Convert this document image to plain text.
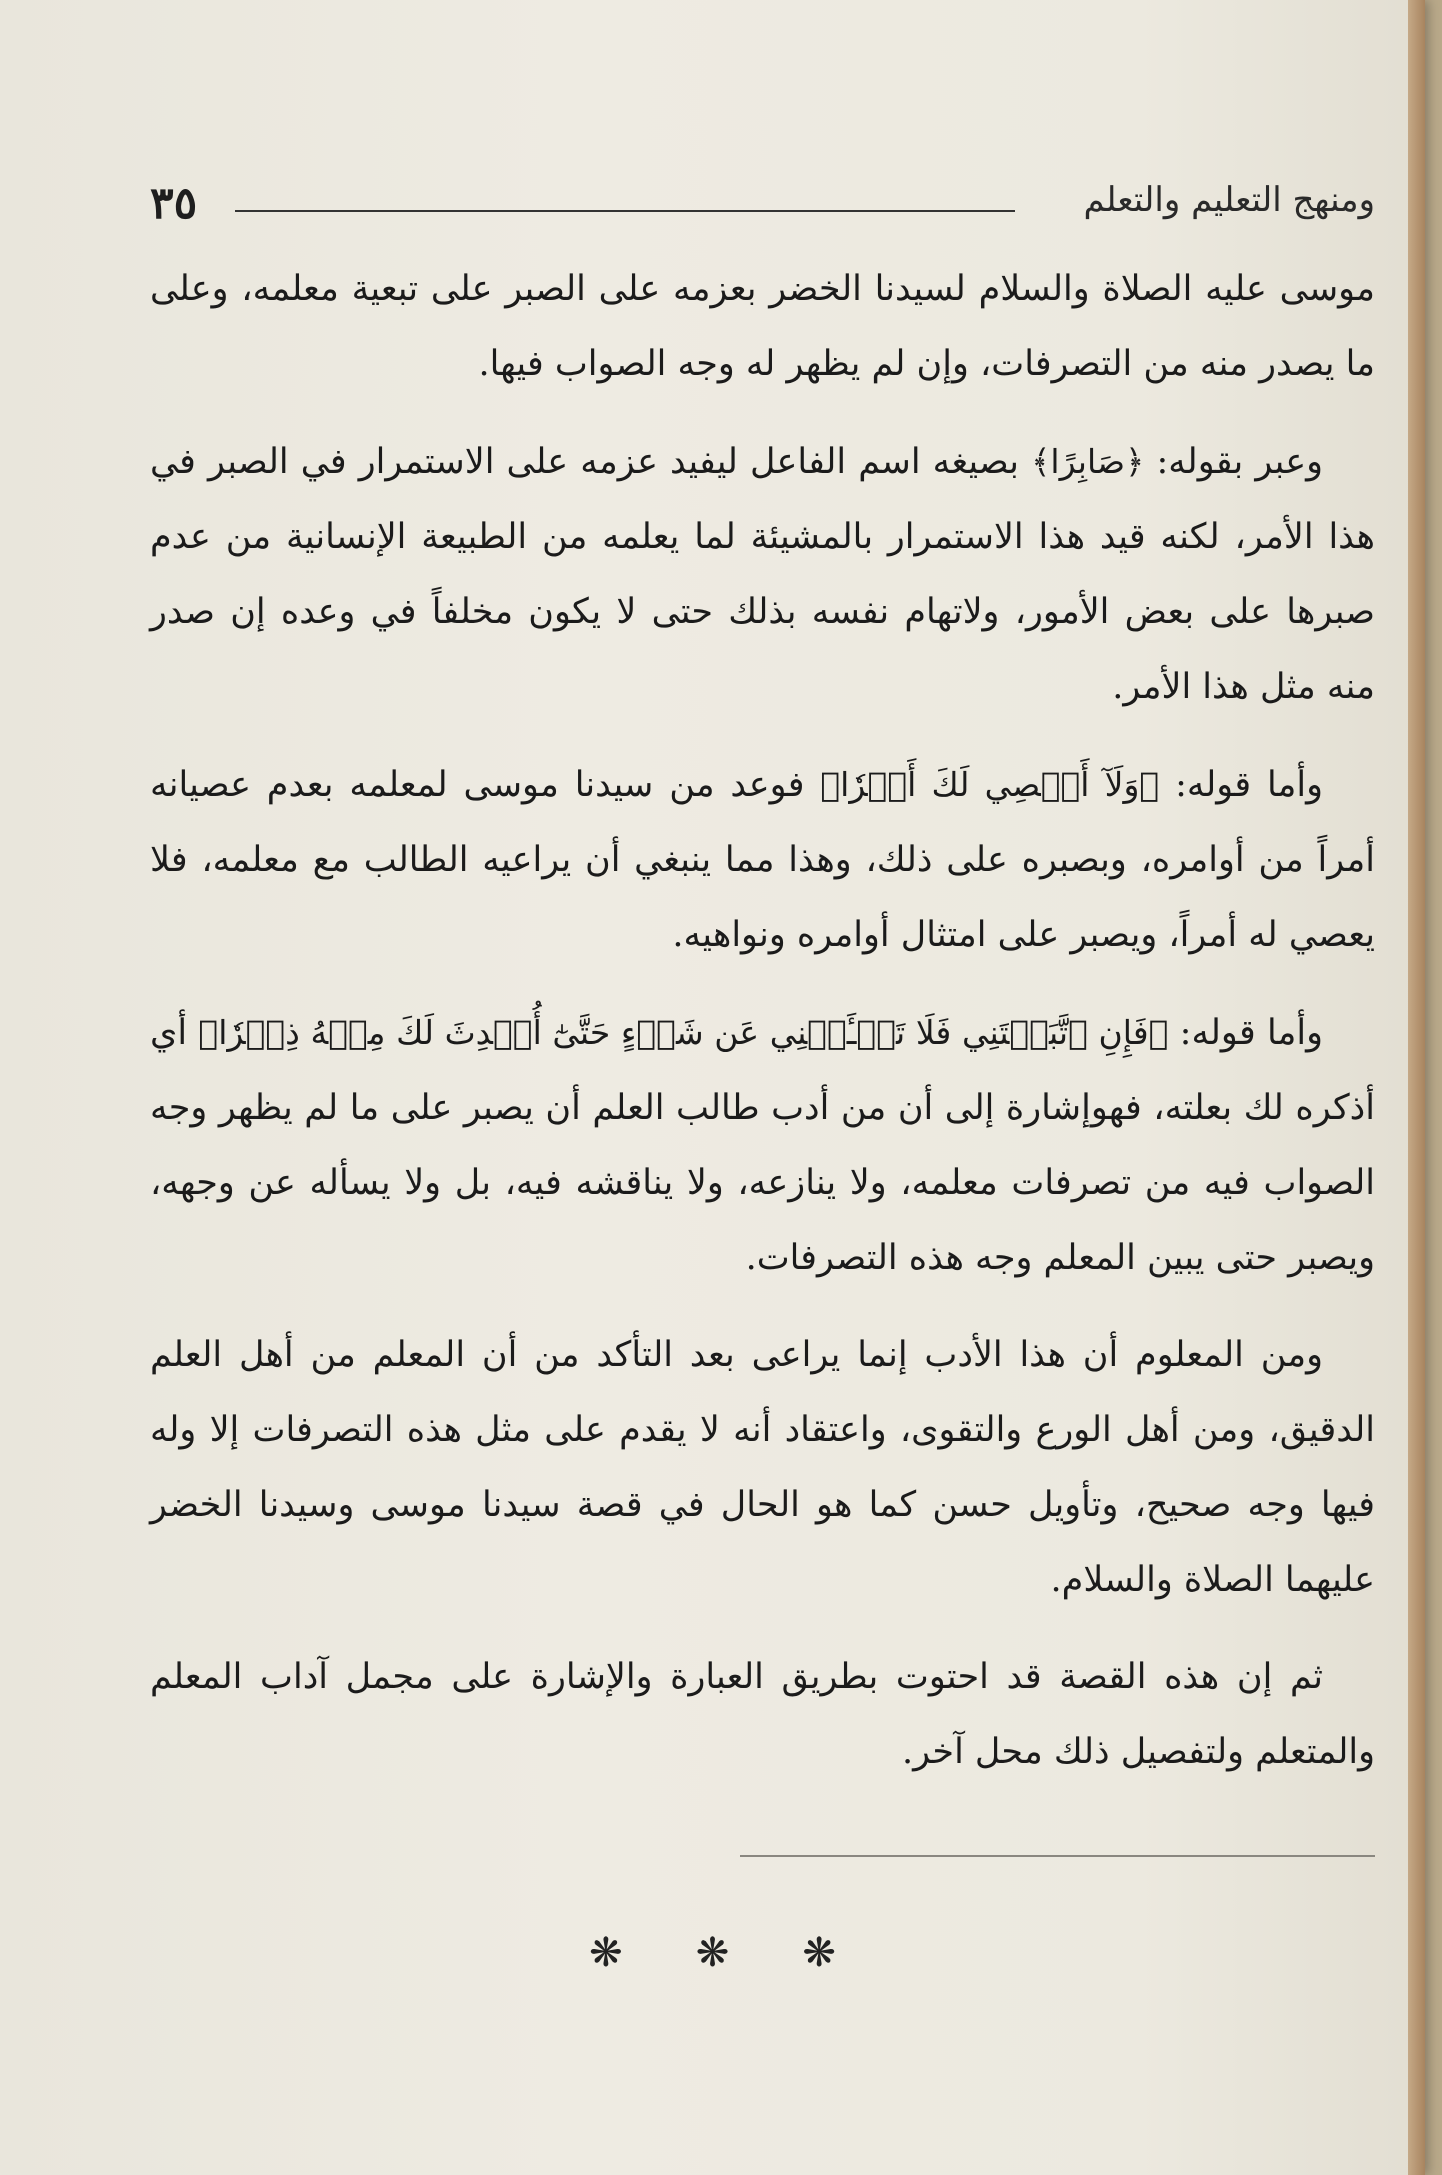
٣٥	ومنهج التعليم والتعلم

موسى عليه الصلاة والسلام لسيدنا الخضر بعزمه على الصبر على تبعية معلمه، وعلى ما يصدر منه من التصرفات، وإن لم يظهر له وجه الصواب فيها.

وعبر بقوله: ﴿صَابِرًا﴾ بصيغه اسم الفاعل ليفيد عزمه على الاستمرار في الصبر في هذا الأمر، لكنه قيد هذا الاستمرار بالمشيئة لما يعلمه من الطبيعة الإنسانية من عدم صبرها على بعض الأمور، ولاتهام نفسه بذلك حتى لا يكون مخلفاً في وعده إن صدر منه مثل هذا الأمر.

وأما قوله: ﴿وَلَآ أَعۡصِي لَكَ أَمۡرٗا﴾ فوعد من سيدنا موسى لمعلمه بعدم عصيانه أمراً من أوامره، وبصبره على ذلك، وهذا مما ينبغي أن يراعيه الطالب مع معلمه، فلا يعصي له أمراً، ويصبر على امتثال أوامره ونواهيه.

وأما قوله: ﴿فَإِنِ ٱتَّبَعۡتَنِي فَلَا تَسۡـَٔلۡنِي عَن شَيۡءٍ حَتَّىٰٓ أُحۡدِثَ لَكَ مِنۡهُ ذِكۡرٗا﴾ أي أذكره لك بعلته، فهوإشارة إلى أن من أدب طالب العلم أن يصبر على ما لم يظهر وجه الصواب فيه من تصرفات معلمه، ولا ينازعه، ولا يناقشه فيه، بل ولا يسأله عن وجهه، ويصبر حتى يبين المعلم وجه هذه التصرفات.

ومن المعلوم أن هذا الأدب إنما يراعى بعد التأكد من أن المعلم من أهل العلم الدقيق، ومن أهل الورع والتقوى، واعتقاد أنه لا يقدم على مثل هذه التصرفات إلا وله فيها وجه صحيح، وتأويل حسن كما هو الحال في قصة سيدنا موسى وسيدنا الخضر عليهما الصلاة والسلام.

ثم إن هذه القصة قد احتوت بطريق العبارة والإشارة على مجمل آداب المعلم والمتعلم ولتفصيل ذلك محل آخر.

❋ ❋ ❋
